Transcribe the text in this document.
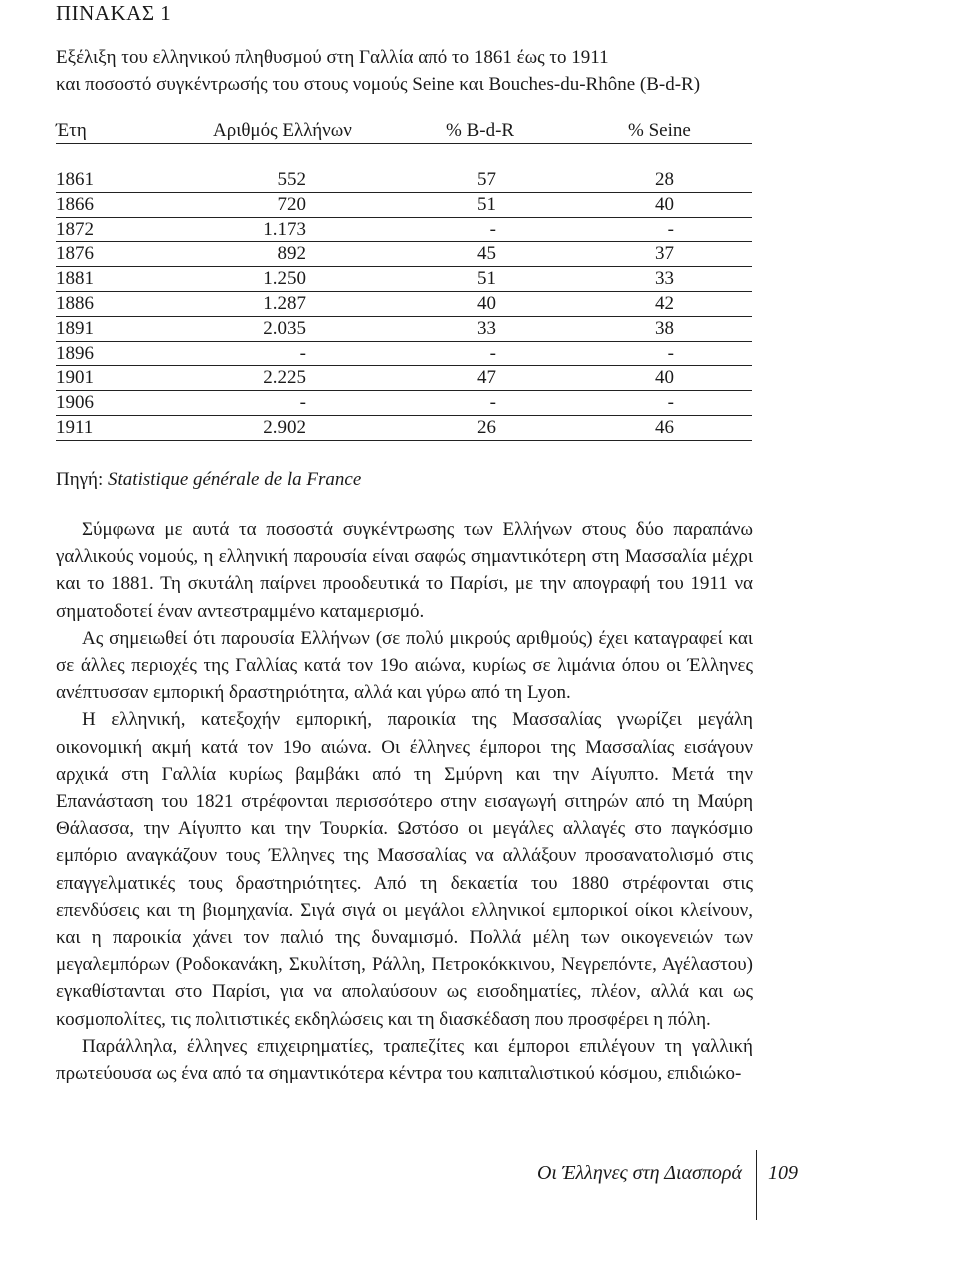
ΠΙΝΑΚΑΣ 1
Εξέλιξη του ελληνικού πληθυσμού στη Γαλλία από το 1861 έως το 1911
και ποσοστό συγκέντρωσής του στους νομούς Seine και Bouches-du-Rhône (B-d-R)
Έτη	Αριθμός Ελλήνων	% B-d-R	% Seine
1861	552	57	28
1866	720	51	40
1872	1.173	-	-
1876	892	45	37
1881	1.250	51	33
1886	1.287	40	42
1891	2.035	33	38
1896	-	-	-
1901	2.225	47	40
1906	-	-	-
1911	2.902	26	46
Πηγή: Statistique générale de la France

Σύμφωνα με αυτά τα ποσοστά συγκέντρωσης των Ελλήνων στους δύο παραπάνω γαλλικούς νομούς, η ελληνική παρουσία είναι σαφώς σημαντικότερη στη Μασσαλία μέχρι και το 1881. Τη σκυτάλη παίρνει προοδευτικά το Παρίσι, με την απογραφή του 1911 να σηματοδοτεί έναν αντεστραμμένο καταμερισμό.

Ας σημειωθεί ότι παρουσία Ελλήνων (σε πολύ μικρούς αριθμούς) έχει καταγραφεί και σε άλλες περιοχές της Γαλλίας κατά τον 19ο αιώνα, κυρίως σε λιμάνια όπου οι Έλληνες ανέπτυσσαν εμπορική δραστηριότητα, αλλά και γύρω από τη Lyon.

Η ελληνική, κατεξοχήν εμπορική, παροικία της Μασσαλίας γνωρίζει μεγάλη οικονομική ακμή κατά τον 19ο αιώνα. Οι έλληνες έμποροι της Μασσαλίας εισάγουν αρχικά στη Γαλλία κυρίως βαμβάκι από τη Σμύρνη και την Αίγυπτο. Μετά την Επανάσταση του 1821 στρέφονται περισσότερο στην εισαγωγή σιτηρών από τη Μαύρη Θάλασσα, την Αίγυπτο και την Τουρκία. Ωστόσο οι μεγάλες αλλαγές στο παγκόσμιο εμπόριο αναγκάζουν τους Έλληνες της Μασσαλίας να αλλάξουν προσανατολισμό στις επαγγελματικές τους δραστηριότητες. Από τη δεκαετία του 1880 στρέφονται στις επενδύσεις και τη βιομηχανία. Σιγά σιγά οι μεγάλοι ελληνικοί εμπορικοί οίκοι κλείνουν, και η παροικία χάνει τον παλιό της δυναμισμό. Πολλά μέλη των οικογενειών των μεγαλεμπόρων (Ροδοκανάκη, Σκυλίτση, Ράλλη, Πετροκόκκινου, Νεγρεπόντε, Αγέλαστου) εγκαθίστανται στο Παρίσι, για να απολαύσουν ως εισοδηματίες, πλέον, αλλά και ως κοσμοπολίτες, τις πολιτιστικές εκδηλώσεις και τη διασκέδαση που προσφέρει η πόλη.

Παράλληλα, έλληνες επιχειρηματίες, τραπεζίτες και έμποροι επιλέγουν τη γαλλική πρωτεύουσα ως ένα από τα σημαντικότερα κέντρα του καπιταλιστικού κόσμου, επιδιώκο-

Οι Έλληνες στη Διασπορά 109
